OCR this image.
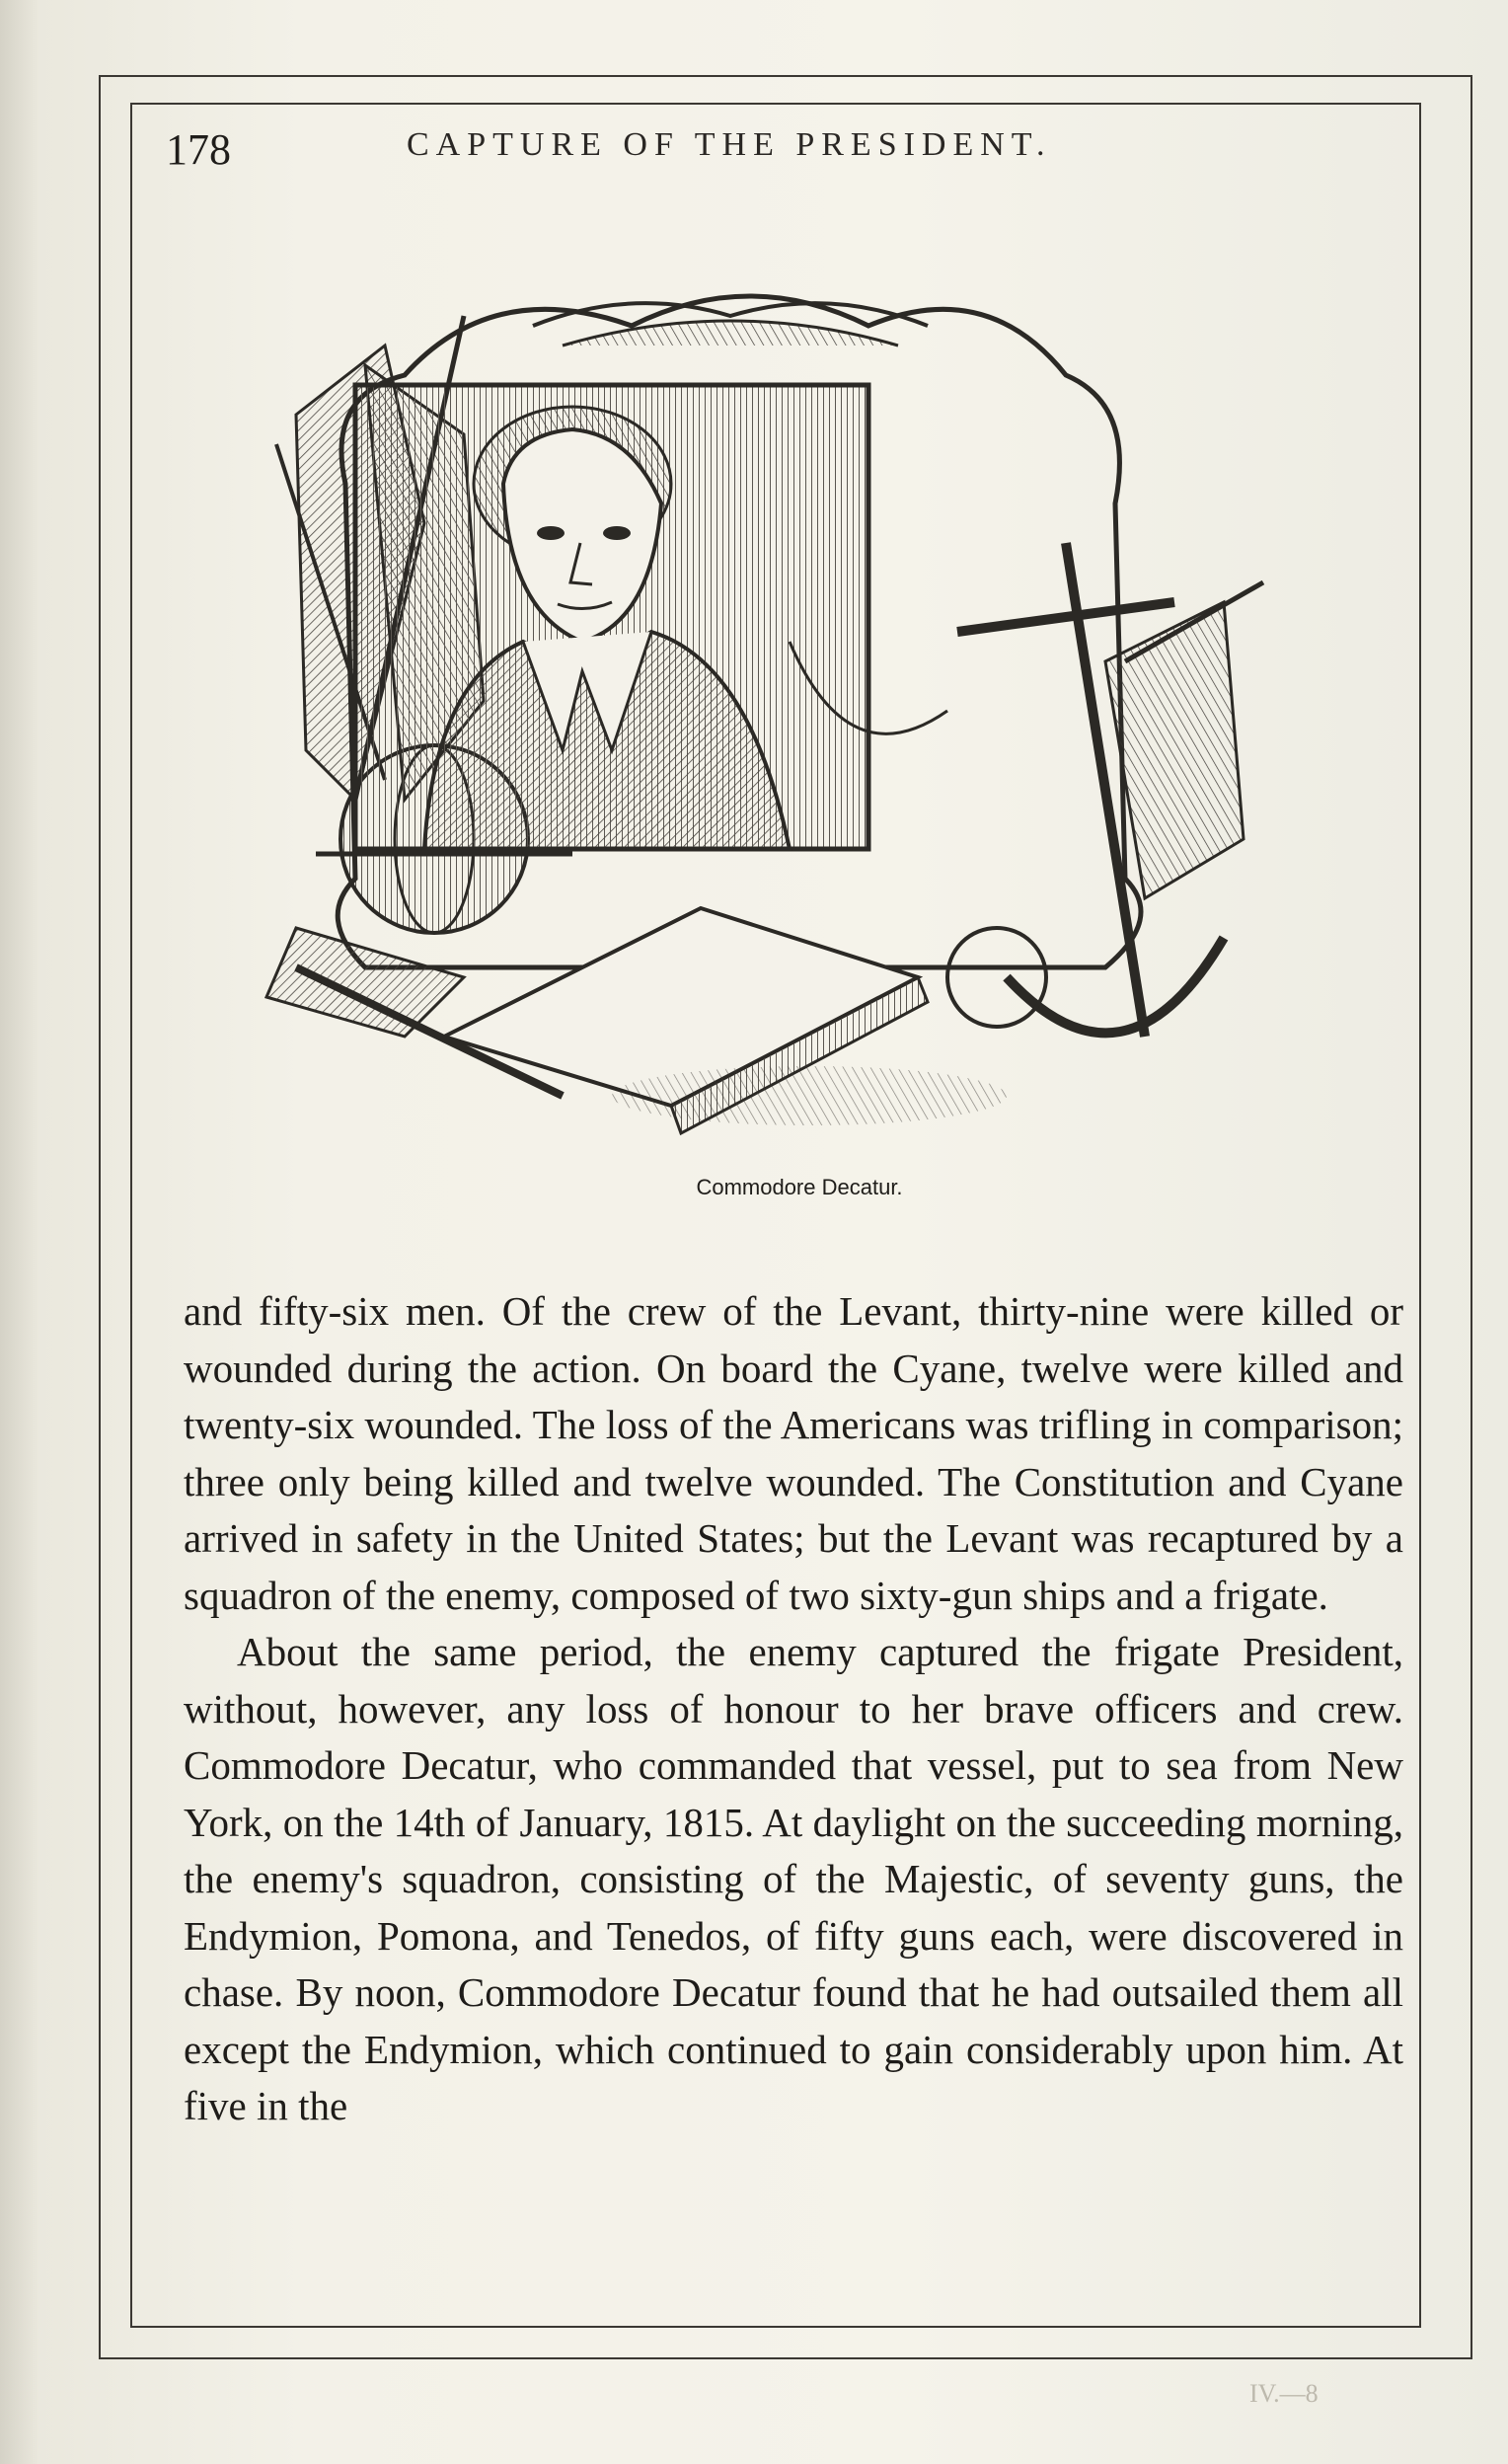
178	CAPTURE OF THE PRESIDENT.
Commodore Decatur.

and fifty-six men. Of the crew of the Levant, thirty-nine were killed or wounded during the action. On board the Cyane, twelve were killed and twenty-six wounded. The loss of the Americans was trifling in comparison; three only being killed and twelve wounded. The Constitution and Cyane arrived in safety in the United States; but the Levant was recaptured by a squadron of the enemy, composed of two sixty-gun ships and a frigate.

About the same period, the enemy captured the frigate President, without, however, any loss of honour to her brave officers and crew. Commodore Decatur, who commanded that vessel, put to sea from New York, on the 14th of January, 1815. At daylight on the succeeding morning, the enemy's squadron, consisting of the Majestic, of seventy guns, the Endymion, Pomona, and Tenedos, of fifty guns each, were discovered in chase. By noon, Commodore Decatur found that he had outsailed them all except the Endymion, which continued to gain considerably upon him. At five in the

IV.—8
